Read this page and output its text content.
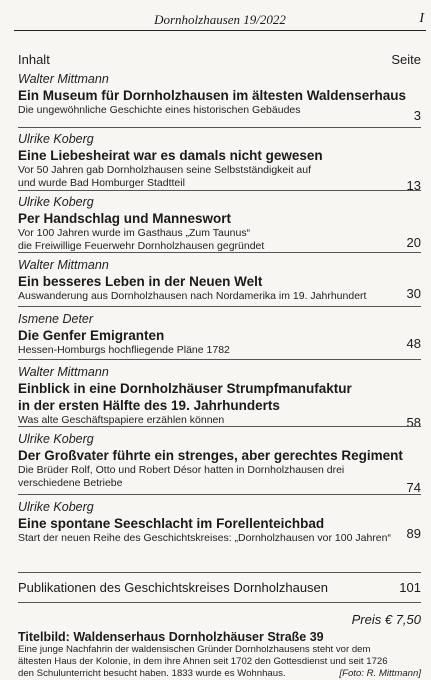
Dornholzhausen 19/2022	I
Inhalt	Seite
Walter Mittmann
Ein Museum für Dornholzhausen im ältesten Waldenserhaus
Die ungewöhnliche Geschichte eines historischen Gebäudes	3
Ulrike Koberg
Eine Liebesheirat war es damals nicht gewesen
Vor 50 Jahren gab Dornholzhausen seine Selbstständigkeit auf
und wurde Bad Homburger Stadtteil	13
Ulrike Koberg
Per Handschlag und Manneswort
Vor 100 Jahren wurde im Gasthaus „Zum Taunus“
die Freiwillige Feuerwehr Dornholzhausen gegründet	20
Walter Mittmann
Ein besseres Leben in der Neuen Welt
Auswanderung aus Dornholzhausen nach Nordamerika im 19. Jahrhundert	30
Ismene Deter
Die Genfer Emigranten
Hessen-Homburgs hochfliegende Pläne 1782	48
Walter Mittmann
Einblick in eine Dornholzhäuser Strumpfmanufaktur
in der ersten Hälfte des 19. Jahrhunderts
Was alte Geschäftspapiere erzählen können	58
Ulrike Koberg
Der Großvater führte ein strenges, aber gerechtes Regiment
Die Brüder Rolf, Otto und Robert Désor hatten in Dornholzhausen drei
verschiedene Betriebe	74
Ulrike Koberg
Eine spontane Seeschlacht im Forellenteichbad
Start der neuen Reihe des Geschichtskreises: „Dornholzhausen vor 100 Jahren“	89
Publikationen des Geschichtskreises Dornholzhausen	101
Preis € 7,50
Titelbild: Waldenserhaus Dornholzhäuser Straße 39
Eine junge Nachfahrin der waldensischen Gründer Dornholzhausens steht vor dem
ältesten Haus der Kolonie, in dem ihre Ahnen seit 1702 den Gottesdienst und seit 1726
den Schulunterricht besucht haben. 1833 wurde es Wohnhaus.	[Foto: R. Mittmann]
